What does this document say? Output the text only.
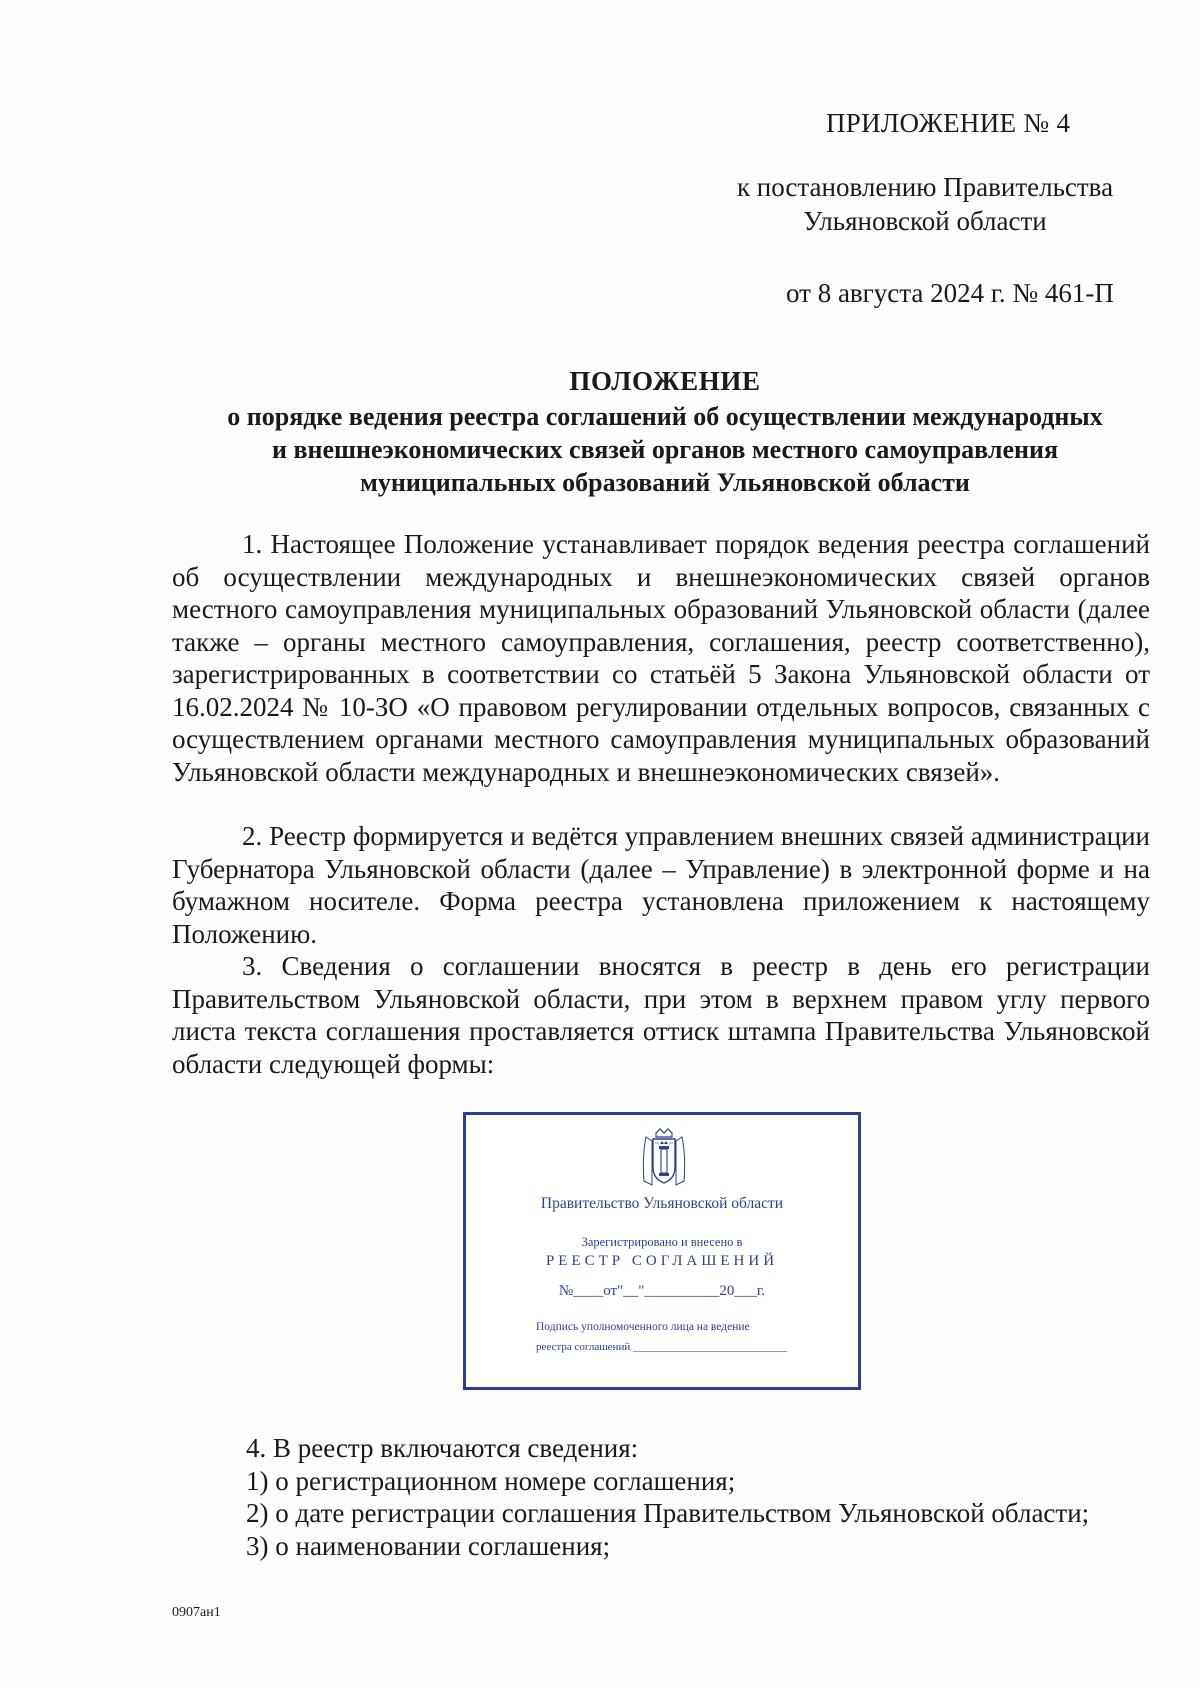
ПРИЛОЖЕНИЕ № 4
к постановлению Правительства
Ульяновской области
от 8 августа 2024 г. № 461-П
ПОЛОЖЕНИЕ
о порядке ведения реестра соглашений об осуществлении международных
и внешнеэкономических связей органов местного самоуправления
муниципальных образований Ульяновской области

1. Настоящее Положение устанавливает порядок ведения реестра соглашений об осуществлении международных и внешнеэкономических связей органов местного самоуправления муниципальных образований Ульяновской области (далее также – органы местного самоуправления, соглашения, реестр соответственно), зарегистрированных в соответствии со статьёй 5 Закона Ульяновской области от 16.02.2024 № 10-ЗО «О правовом регулировании отдельных вопросов, связанных с осуществлением органами местного самоуправления муниципальных образований Ульяновской области международных и внешнеэкономических связей».

2. Реестр формируется и ведётся управлением внешних связей администрации Губернатора Ульяновской области (далее – Управление) в электронной форме и на бумажном носителе. Форма реестра установлена приложением к настоящему Положению.

3. Сведения о соглашении вносятся в реестр в день его регистрации Правительством Ульяновской области, при этом в верхнем правом углу первого листа текста соглашения проставляется оттиск штампа Правительства Ульяновской области следующей формы:

Правительство Ульяновской области
Зарегистрировано и внесено в
РЕЕСТР СОГЛАШЕНИЙ
№____от"__"__________20___г.
Подпись уполномоченного лица на ведение
реестра соглашений ____________________________
4. В реестр включаются сведения:
1) о регистрационном номере соглашения;
2) о дате регистрации соглашения Правительством Ульяновской области;
3) о наименовании соглашения;
0907ан1
